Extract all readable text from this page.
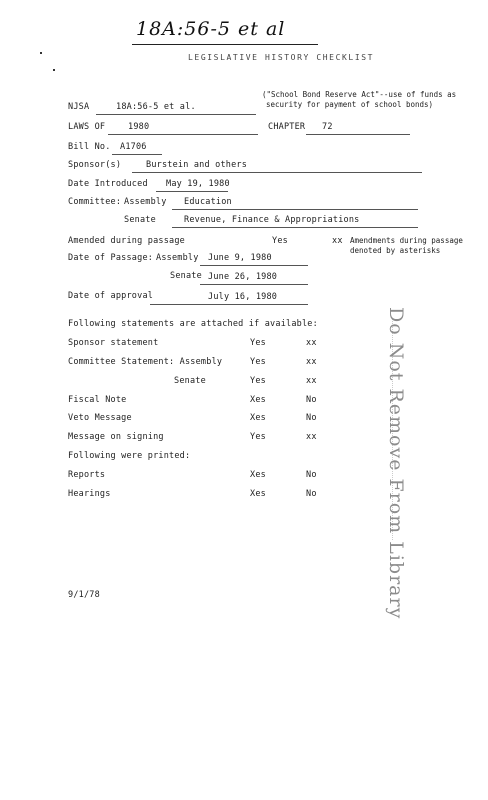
18A:56-5 et al
LEGISLATIVE HISTORY CHECKLIST
NJSA	18A:56-5 et al.
("School Bond Reserve Act"--use of funds as
security for payment of school bonds)
LAWS OF	1980	CHAPTER 72
Bill No. A1706
Sponsor(s)	Burstein and others
Date Introduced May 19, 1980
Committee: Assembly Education
Senate	Revenue, Finance & Appropriations
Amended during passage	Yes	xx Amendments during passage
denoted by asterisks
Date of Passage: Assembly June 9, 1980
Senate June 26, 1980
Date of approval	July 16, 1980
Following statements are attached if available:
Sponsor statement	Yes	xx
Committee Statement: Assembly	Yes	xx
Senate	Yes	xx
Fiscal Note	Xes	No
Veto Message	Xes	No
Message on signing	Yes	xx
Following were printed:
Reports	Xes	No
Hearings	Xes	No	Do Not Remove From Library
9/1/78
